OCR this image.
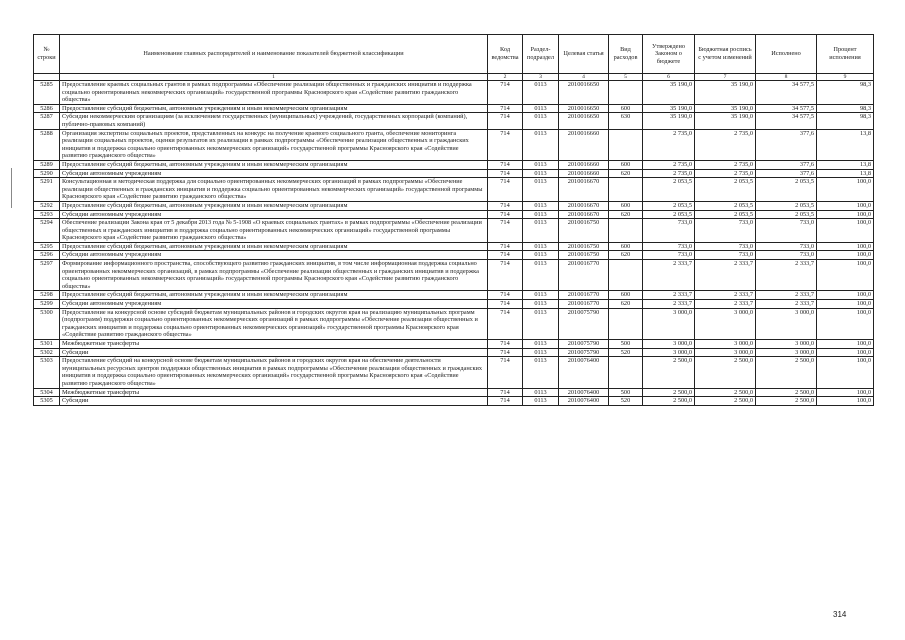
№ строки	Наименование главных распорядителей и наименование показателей бюджетной классификации	Код ведомства	Раздел-подраздел	Целевая статья	Вид расходов	Утверждено Законом о бюджете	Бюджетная роспись с учетом изменений	Исполнено	Процент исполнения
	1	2	3	4	5	6	7	8	9
5285	Предоставление краевых социальных грантов в рамках подпрограммы «Обеспечение реализации общественных и гражданских инициатив и поддержка социально ориентированных некоммерческих организаций» государственной программы Красноярского края «Содействие развитию гражданского общества»	714	0113	2010016650		35 190,0	35 190,0	34 577,5	98,3
5286	Предоставление субсидий бюджетным, автономным учреждениям и иным некоммерческим организациям	714	0113	2010016650	600	35 190,0	35 190,0	34 577,5	98,3
5287	Субсидии некоммерческим организациям (за исключением государственных (муниципальных) учреждений, государственных корпораций (компаний), публично-правовых компаний)	714	0113	2010016650	630	35 190,0	35 190,0	34 577,5	98,3
5288	Организация экспертизы социальных проектов, представленных на конкурс на получение краевого социального гранта, обеспечение мониторинга реализации социальных проектов, оценки результатов их реализации в рамках подпрограммы «Обеспечение реализации общественных и гражданских инициатив и поддержка социально ориентированных некоммерческих организаций» государственной программы Красноярского края «Содействие развитию гражданского общества»	714	0113	2010016660		2 735,0	2 735,0	377,6	13,8
5289	Предоставление субсидий бюджетным, автономным учреждениям и иным некоммерческим организациям	714	0113	2010016660	600	2 735,0	2 735,0	377,6	13,8
5290	Субсидии автономным учреждениям	714	0113	2010016660	620	2 735,0	2 735,0	377,6	13,8
5291	Консультационная и методическая поддержка для социально ориентированных некоммерческих организаций в рамках подпрограммы «Обеспечение реализации общественных и гражданских инициатив и поддержка социально ориентированных некоммерческих организаций» государственной программы Красноярского края «Содействие развитию гражданского общества»	714	0113	2010016670		2 053,5	2 053,5	2 053,5	100,0
5292	Предоставление субсидий бюджетным, автономным учреждениям и иным некоммерческим организациям	714	0113	2010016670	600	2 053,5	2 053,5	2 053,5	100,0
5293	Субсидии автономным учреждениям	714	0113	2010016670	620	2 053,5	2 053,5	2 053,5	100,0
5294	Обеспечение реализации Закона края от 5 декабря 2013 года № 5-1908 «О краевых социальных грантах» в рамках подпрограммы «Обеспечение реализации общественных и гражданских инициатив и поддержка социально ориентированных некоммерческих организаций» государственной программы Красноярского края «Содействие развитию гражданского общества»	714	0113	2010016750		733,0	733,0	733,0	100,0
5295	Предоставление субсидий бюджетным, автономным учреждениям и иным некоммерческим организациям	714	0113	2010016750	600	733,0	733,0	733,0	100,0
5296	Субсидии автономным учреждениям	714	0113	2010016750	620	733,0	733,0	733,0	100,0
5297	Формирование информационного пространства, способствующего развитию гражданских инициатив, в том числе информационная поддержка социально ориентированных некоммерческих организаций, в рамках подпрограммы «Обеспечение реализации общественных и гражданских инициатив и поддержка социально ориентированных некоммерческих организаций» государственной программы Красноярского края «Содействие развитию гражданского общества»	714	0113	2010016770		2 333,7	2 333,7	2 333,7	100,0
5298	Предоставление субсидий бюджетным, автономным учреждениям и иным некоммерческим организациям	714	0113	2010016770	600	2 333,7	2 333,7	2 333,7	100,0
5299	Субсидии автономным учреждениям	714	0113	2010016770	620	2 333,7	2 333,7	2 333,7	100,0
5300	Предоставление на конкурсной основе субсидий бюджетам муниципальных районов и городских округов края на реализацию муниципальных программ (подпрограмм) поддержки социально ориентированных некоммерческих организаций в рамках подпрограммы «Обеспечение реализации общественных и гражданских инициатив и поддержка социально ориентированных некоммерческих организаций» государственной программы Красноярского края «Содействие развитию гражданского общества»	714	0113	2010075790		3 000,0	3 000,0	3 000,0	100,0
5301	Межбюджетные трансферты	714	0113	2010075790	500	3 000,0	3 000,0	3 000,0	100,0
5302	Субсидии	714	0113	2010075790	520	3 000,0	3 000,0	3 000,0	100,0
5303	Предоставление субсидий на конкурсной основе бюджетам муниципальных районов и городских округов края на обеспечение деятельности муниципальных ресурсных центров поддержки общественных инициатив в рамках подпрограммы «Обеспечение реализации общественных и гражданских инициатив и поддержка социально ориентированных некоммерческих организаций» государственной программы Красноярского края «Содействие развитию гражданского общества»	714	0113	2010076400		2 500,0	2 500,0	2 500,0	100,0
5304	Межбюджетные трансферты	714	0113	2010076400	500	2 500,0	2 500,0	2 500,0	100,0
5305	Субсидии	714	0113	2010076400	520	2 500,0	2 500,0	2 500,0	100,0
314
